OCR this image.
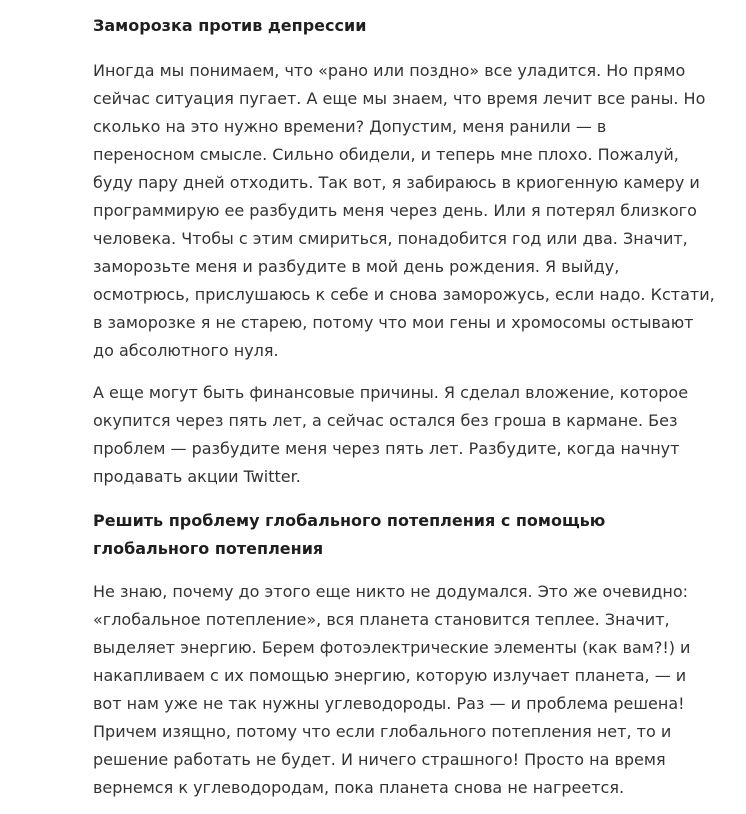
Заморозка против депрессии

Иногда мы понимаем, что «рано или поздно» все уладится. Но прямо
сейчас ситуация пугает. А еще мы знаем, что время лечит все раны. Но
сколько на это нужно времени? Допустим, меня ранили — в
переносном смысле. Сильно обидели, и теперь мне плохо. Пожалуй,
буду пару дней отходить. Так вот, я забираюсь в криогенную камеру и
программирую ее разбудить меня через день. Или я потерял близкого
человека. Чтобы с этим смириться, понадобится год или два. Значит,
заморозьте меня и разбудите в мой день рождения. Я выйду,
осмотрюсь, прислушаюсь к себе и снова заморожусь, если надо. Кстати,
в заморозке я не старею, потому что мои гены и хромосомы остывают
до абсолютного нуля.

А еще могут быть финансовые причины. Я сделал вложение, которое
окупится через пять лет, а сейчас остался без гроша в кармане. Без
проблем — разбудите меня через пять лет. Разбудите, когда начнут
продавать акции Twitter.

Решить проблему глобального потепления с помощью
глобального потепления

Не знаю, почему до этого еще никто не додумался. Это же очевидно:
«глобальное потепление», вся планета становится теплее. Значит,
выделяет энергию. Берем фотоэлектрические элементы (как вам?!) и
накапливаем с их помощью энергию, которую излучает планета, — и
вот нам уже не так нужны углеводороды. Раз — и проблема решена!
Причем изящно, потому что если глобального потепления нет, то и
решение работать не будет. И ничего страшного! Просто на время
вернемся к углеводородам, пока планета снова не нагреется.
